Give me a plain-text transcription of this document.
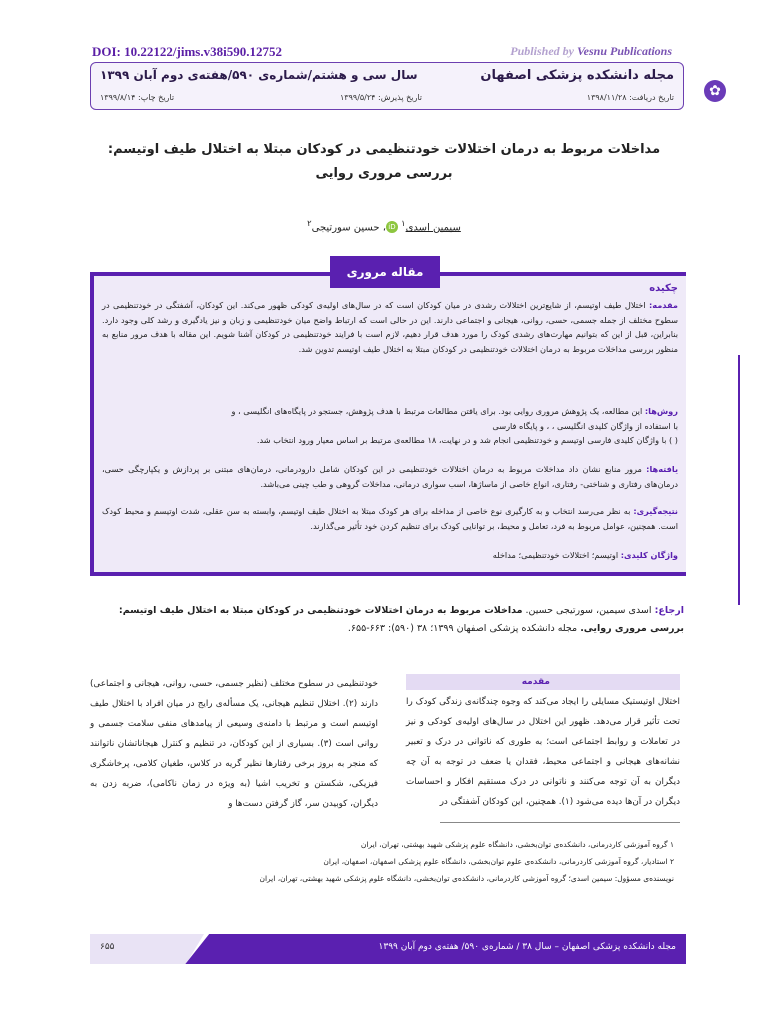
DOI: 10.22122/jims.v38i590.12752	Published by Vesnu Publications
✿
مجله دانشکده پزشکی اصفهان
سال سی و هشتم/شماره‌ی ۵۹۰/هفته‌ی دوم آبان ۱۳۹۹
تاریخ دریافت: ۱۳۹۸/۱۱/۲۸
تاریخ پذیرش: ۱۳۹۹/۵/۲۴
تاریخ چاپ: ۱۳۹۹/۸/۱۴
مداخلات مربوط به درمان اختلالات خودتنظیمی در کودکان مبتلا به اختلال طیف اوتیسم:
بررسی مروری روایی
سیمین اسدی$^۱$ iD، حسین سورتیجی$^۲$
چکیده
مقدمه: اختلال طیف اوتیسم، از شایع‌ترین اختلالات رشدی در میان کودکان است که در سال‌های اولیه‌ی کودکی ظهور می‌کند. این کودکان، آشفتگی در خودتنظیمی در سطوح مختلف از جمله جسمی، حسی، روانی، هیجانی و اجتماعی دارند. این در حالی است که ارتباط واضح میان خودتنظیمی و زبان و نیز یادگیری و رشد کلی وجود دارد. بنابراین، قبل از این که بتوانیم مهارت‌های رشدی کودک را مورد هدف قرار دهیم، لازم است با فرایند خودتنظیمی در کودکان آشنا شویم. این مقاله با هدف مرور منابع به منظور بررسی مداخلات مربوط به درمان اختلالات خودتنظیمی در کودکان مبتلا به اختلال طیف اوتیسم تدوین شد.
روش‌ها: این مطالعه، یک پژوهش مروری روایی بود. برای یافتن مطالعات مرتبط با هدف پژوهش، جستجو در پایگاه‌های انگلیسی ، و
با استفاده از واژگان کلیدی انگلیسی ، ، و پایگاه فارسی
( ) با واژگان کلیدی فارسی اوتیسم و خودتنظیمی انجام شد و در نهایت، ۱۸ مطالعه‌ی مرتبط بر اساس معیار ورود انتخاب شد.
یافته‌ها: مرور منابع نشان داد مداخلات مربوط به درمان اختلالات خودتنظیمی در این کودکان شامل دارودرمانی، درمان‌های مبتنی بر پردازش و یکپارچگی حسی، درمان‌های رفتاری و شناختی- رفتاری، انواع خاصی از ماساژها، اسب سواری درمانی، مداخلات گروهی و طب چینی می‌باشد.
نتیجه‌گیری: به نظر می‌رسد انتخاب و به کارگیری نوع خاصی از مداخله برای هر کودک مبتلا به اختلال طیف اوتیسم، وابسته به سن عقلی، شدت اوتیسم و محیط کودک است. همچنین، عوامل مربوط به فرد، تعامل و محیط، بر توانایی کودک برای تنظیم کردن خود تأثیر می‌گذارند.
واژگان کلیدی: اوتیسم؛ اختلالات خودتنظیمی؛ مداخله
مقاله مروری
ارجاع: اسدی سیمین، سورتیجی حسین. مداخلات مربوط به درمان اختلالات خودتنظیمی در کودکان مبتلا به اختلال طیف اوتیسم: بررسی مروری روایی. مجله دانشکده پزشکی اصفهان ۱۳۹۹؛ ۳۸ (۵۹۰): ۶۶۳-۶۵۵.
مقدمه
اختلال اوتیستیک مسایلی را ایجاد می‌کند که وجوه چندگانه‌ی زندگی کودک را تحت تأثیر قرار می‌دهد. ظهور این اختلال در سال‌های اولیه‌ی کودکی و نیز در تعاملات و روابط اجتماعی است؛ به طوری که ناتوانی در درک و تعبیر نشانه‌های هیجانی و اجتماعی محیط، فقدان یا ضعف در توجه به آن چه دیگران به آن توجه می‌کنند و ناتوانی در درک مستقیم افکار و احساسات دیگران در آن‌ها دیده می‌شود (۱). همچنین، این کودکان آشفتگی در
خودتنظیمی در سطوح مختلف (نظیر جسمی، حسی، روانی، هیجانی و اجتماعی) دارند (۲). اختلال تنظیم هیجانی، یک مسأله‌ی رایج در میان افراد با اختلال طیف اوتیسم است و مرتبط با دامنه‌ی وسیعی از پیامدهای منفی سلامت جسمی و روانی است (۳). بسیاری از این کودکان، در تنظیم و کنترل هیجاناتشان ناتوانند که منجر به بروز برخی رفتارها نظیر گریه در کلاس، طغیان کلامی، پرخاشگری فیزیکی، شکستن و تخریب اشیا (به ویژه در زمان ناکامی)، ضربه زدن به دیگران، کوبیدن سر، گاز گرفتن دست‌ها و
۱ گروه آموزشی کاردرمانی، دانشکده‌ی توان‌بخشی، دانشگاه علوم پزشکی شهید بهشتی، تهران، ایران
۲ استادیار، گروه آموزشی کاردرمانی، دانشکده‌ی علوم توان‌بخشی، دانشگاه علوم پزشکی اصفهان، اصفهان، ایران
نویسنده‌ی مسؤول: سیمین اسدی؛ گروه آموزشی کاردرمانی، دانشکده‌ی توان‌بخشی، دانشگاه علوم پزشکی شهید بهشتی، تهران، ایران
مجله دانشکده پزشکی اصفهان – سال ۳۸ / شماره‌ی ۵۹۰/ هفته‌ی دوم آبان ۱۳۹۹
۶۵۵
